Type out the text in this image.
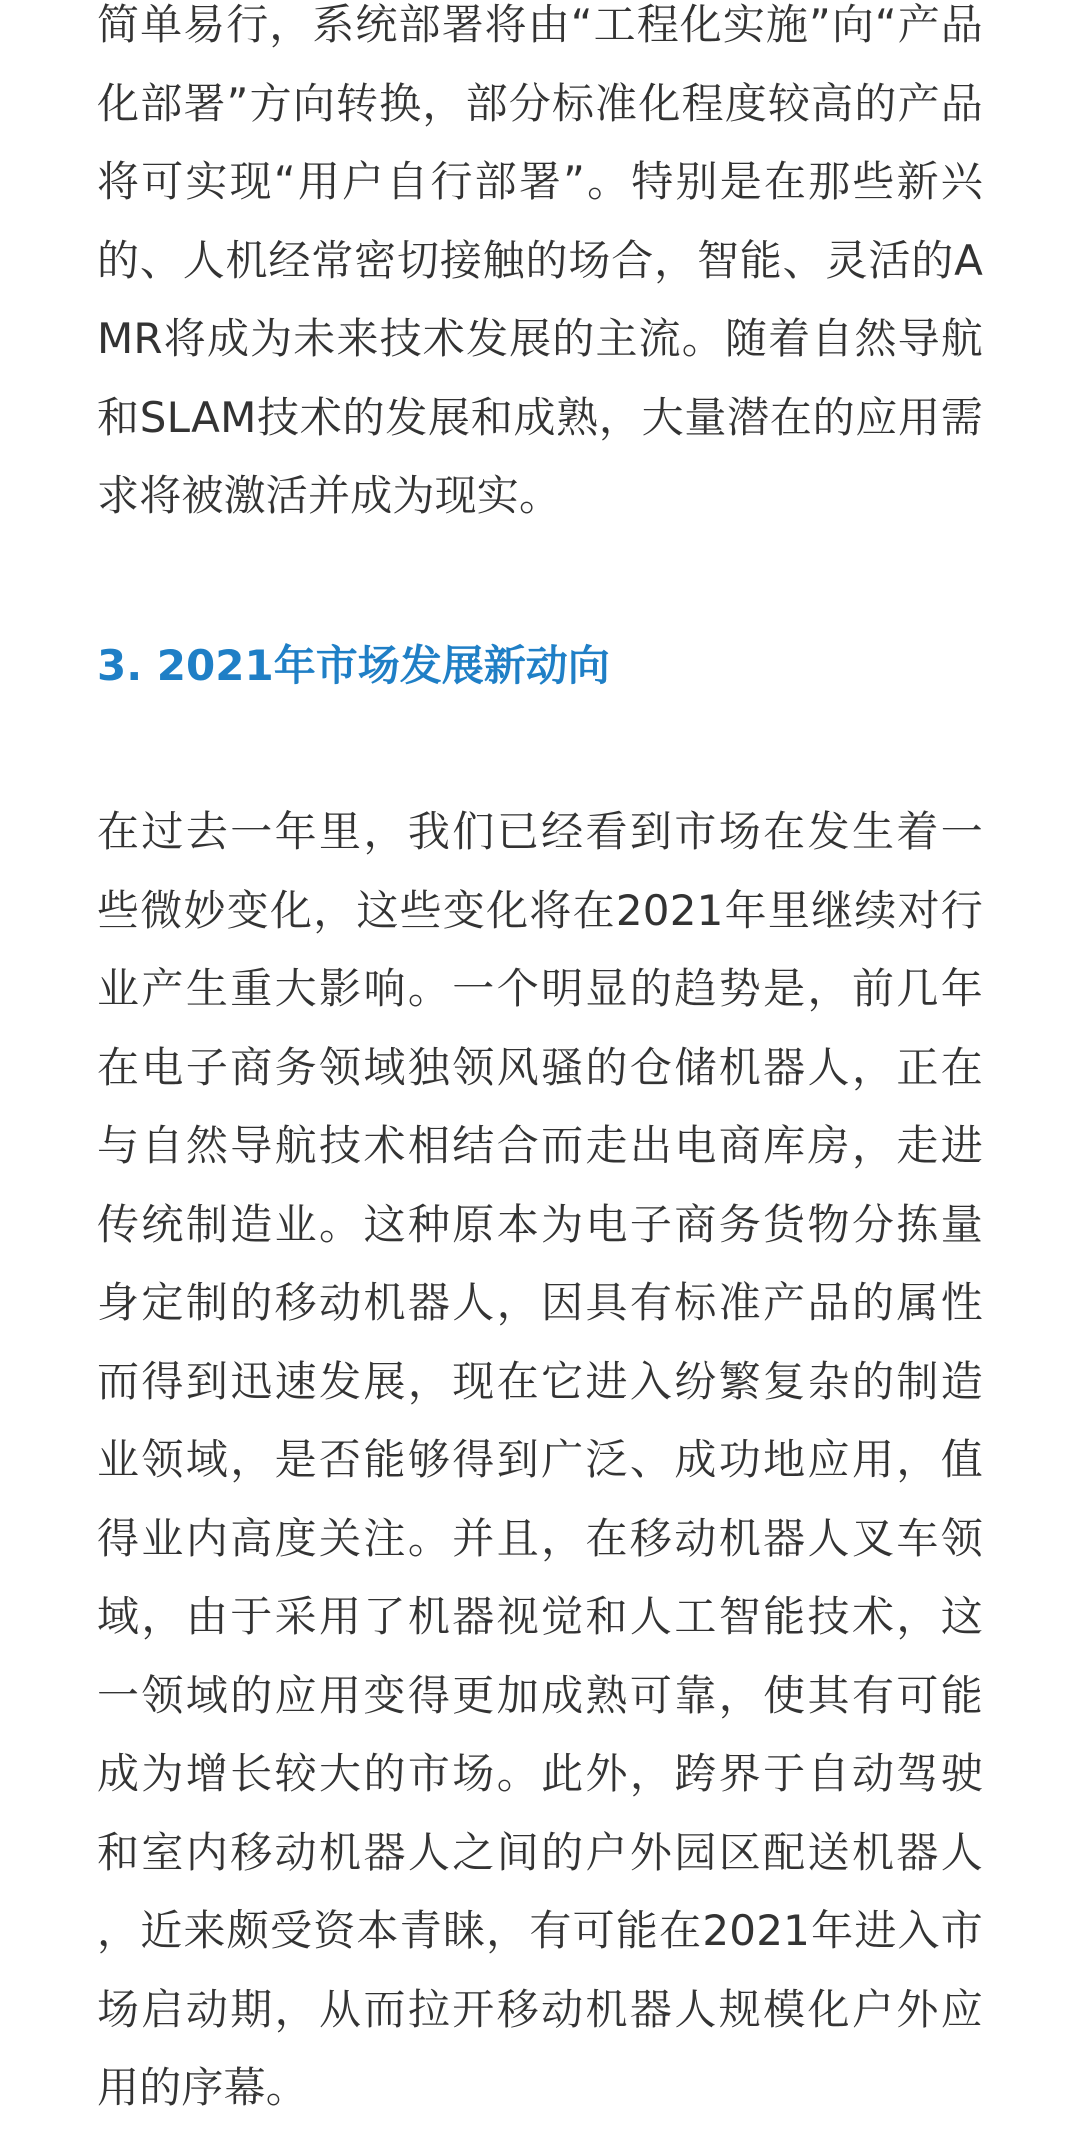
简单易行，系统部署将由“工程化实施”向“产品化部署”方向转换，部分标准化程度较高的产品将可实现“用户自行部署”。特别是在那些新兴的、人机经常密切接触的场合，智能、灵活的AMR将成为未来技术发展的主流。随着自然导航和SLAM技术的发展和成熟，大量潜在的应用需求将被激活并成为现实。

3. 2021年市场发展新动向

在过去一年里，我们已经看到市场在发生着一些微妙变化，这些变化将在2021年里继续对行业产生重大影响。一个明显的趋势是，前几年在电子商务领域独领风骚的仓储机器人，正在与自然导航技术相结合而走出电商库房，走进传统制造业。这种原本为电子商务货物分拣量身定制的移动机器人，因具有标准产品的属性而得到迅速发展，现在它进入纷繁复杂的制造业领域，是否能够得到广泛、成功地应用，值得业内高度关注。并且，在移动机器人叉车领域，由于采用了机器视觉和人工智能技术，这一领域的应用变得更加成熟可靠，使其有可能成为增长较大的市场。此外，跨界于自动驾驶和室内移动机器人之间的户外园区配送机器人，近来颇受资本青睐，有可能在2021年进入市场启动期，从而拉开移动机器人规模化户外应用的序幕。
